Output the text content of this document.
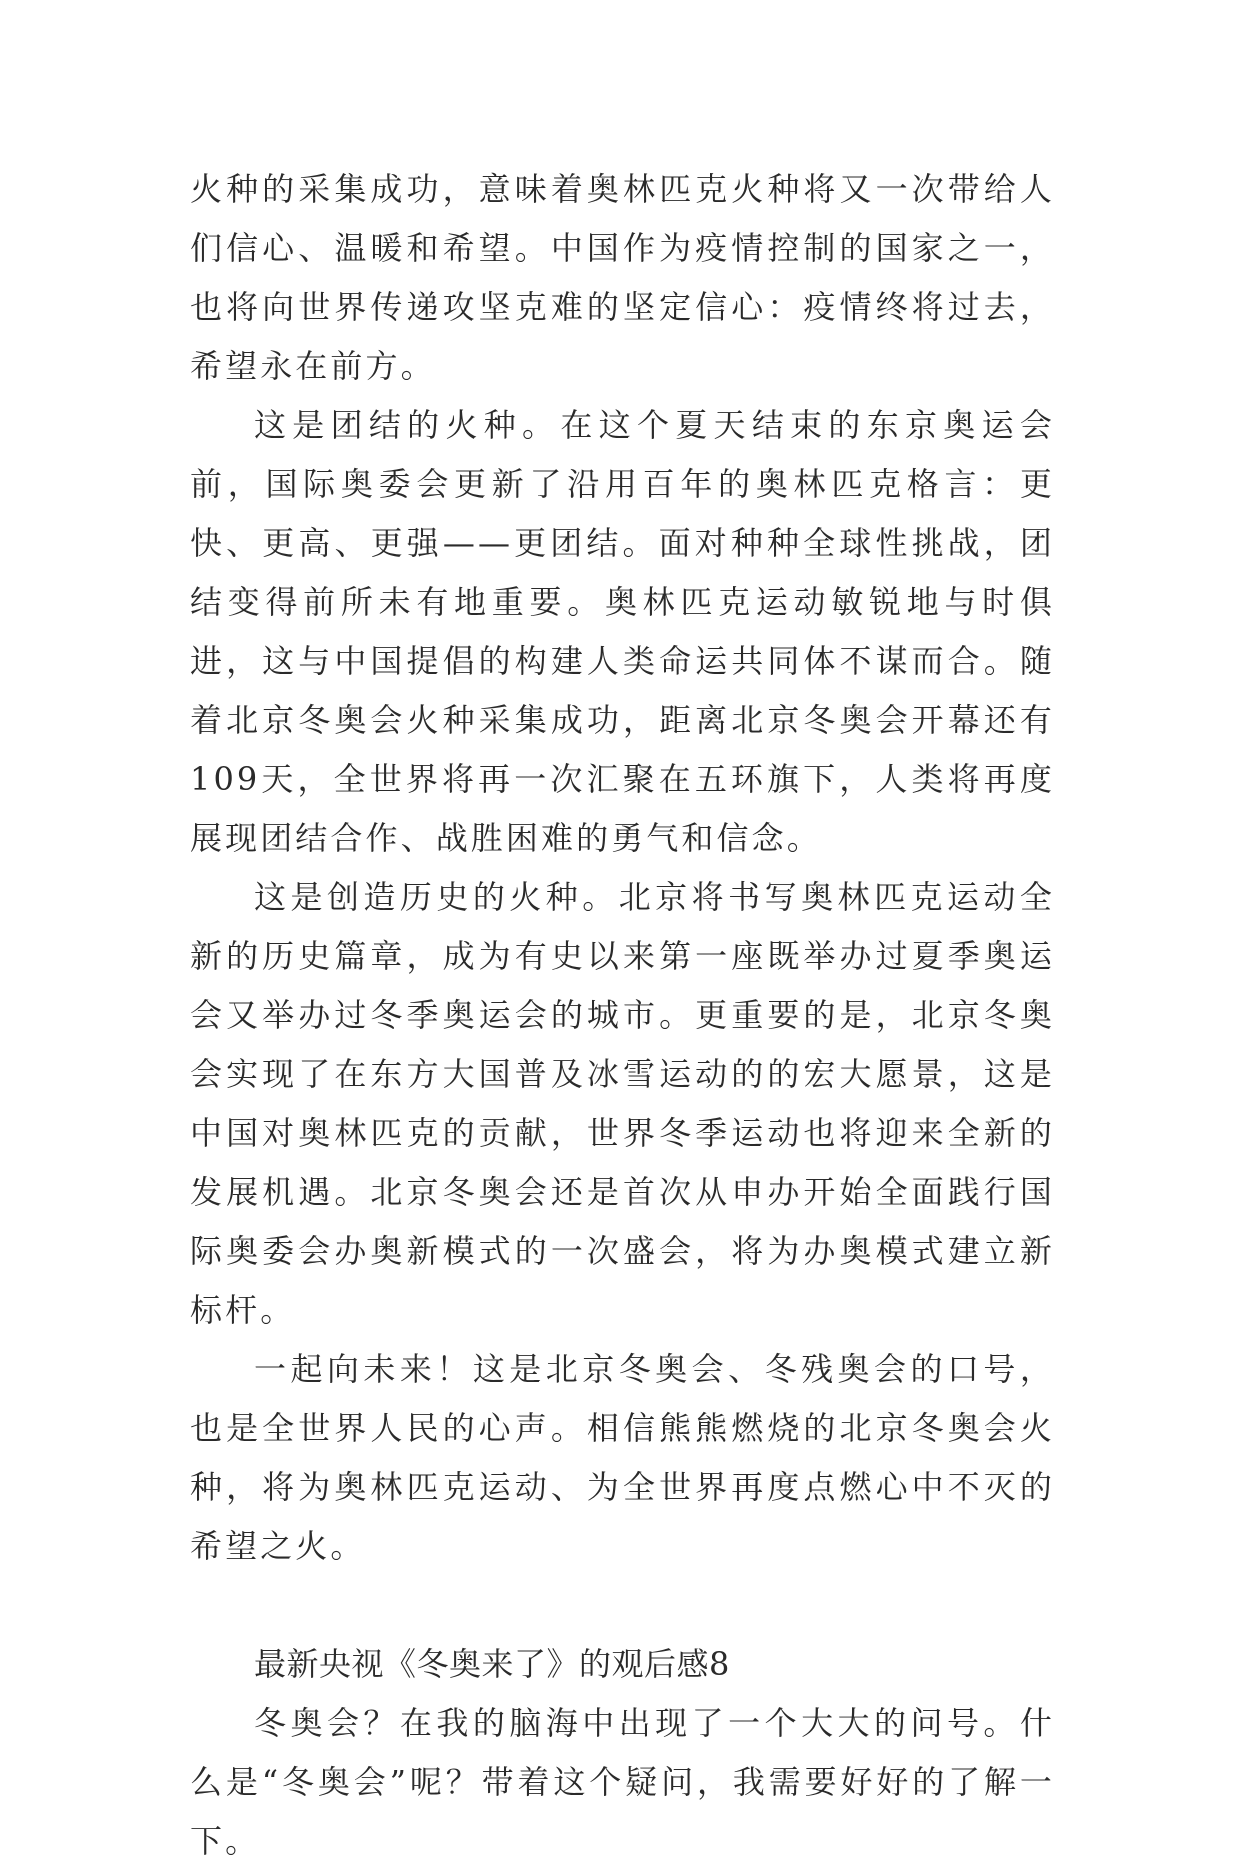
火种的采集成功，意味着奥林匹克火种将又一次带给人们信心、温暖和希望。中国作为疫情控制的国家之一，也将向世界传递攻坚克难的坚定信心：疫情终将过去，希望永在前方。

这是团结的火种。在这个夏天结束的东京奥运会前，国际奥委会更新了沿用百年的奥林匹克格言：更快、更高、更强——更团结。面对种种全球性挑战，团结变得前所未有地重要。奥林匹克运动敏锐地与时俱进，这与中国提倡的构建人类命运共同体不谋而合。随着北京冬奥会火种采集成功，距离北京冬奥会开幕还有109天，全世界将再一次汇聚在五环旗下，人类将再度展现团结合作、战胜困难的勇气和信念。

这是创造历史的火种。北京将书写奥林匹克运动全新的历史篇章，成为有史以来第一座既举办过夏季奥运会又举办过冬季奥运会的城市。更重要的是，北京冬奥会实现了在东方大国普及冰雪运动的的宏大愿景，这是中国对奥林匹克的贡献，世界冬季运动也将迎来全新的发展机遇。北京冬奥会还是首次从申办开始全面践行国际奥委会办奥新模式的一次盛会，将为办奥模式建立新标杆。

一起向未来！这是北京冬奥会、冬残奥会的口号，也是全世界人民的心声。相信熊熊燃烧的北京冬奥会火种，将为奥林匹克运动、为全世界再度点燃心中不灭的希望之火。

最新央视《冬奥来了》的观后感8

冬奥会？在我的脑海中出现了一个大大的问号。什么是“冬奥会”呢？带着这个疑问，我需要好好的了解一下。
